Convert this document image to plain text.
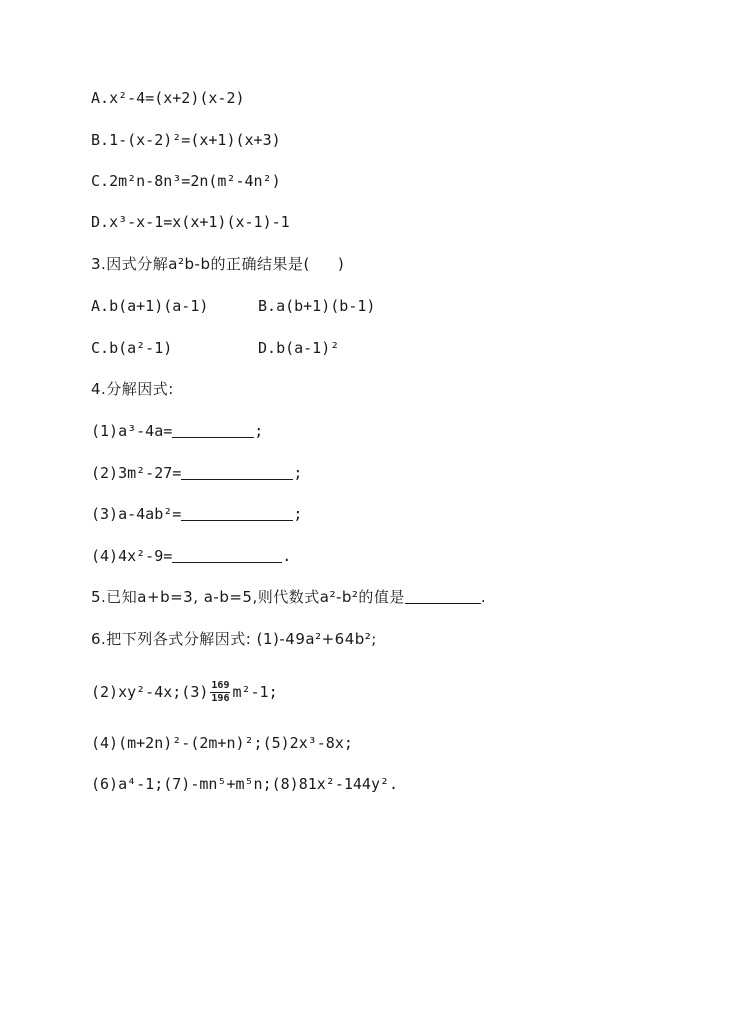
A.x²-4=(x+2)(x-2)
B.1-(x-2)²=(x+1)(x+3)
C.2m²n-8n³=2n(m²-4n²)
D.x³-x-1=x(x+1)(x-1)-1
3.因式分解a²b-b的正确结果是( )
A.b(a+1)(a-1)	B.a(b+1)(b-1)
C.b(a²-1)	D.b(a-1)²
4.分解因式:
(1)a³-4a=	;
(2)3m²-27=	;
(3)a-4ab²=	;
(4)4x²-9=	.
5.已知a+b=3, a-b=5,则代数式a²-b²的值是	.
6.把下列各式分解因式: (1)-49a²+64b²;
(2)xy²-4x;(3) $\frac{169}{196} m^2-1$;
(4)(m+2n)²-(2m+n)²;(5)2x³-8x;
(6)a⁴-1;(7)-mn⁵+m⁵n;(8)81x²-144y².
